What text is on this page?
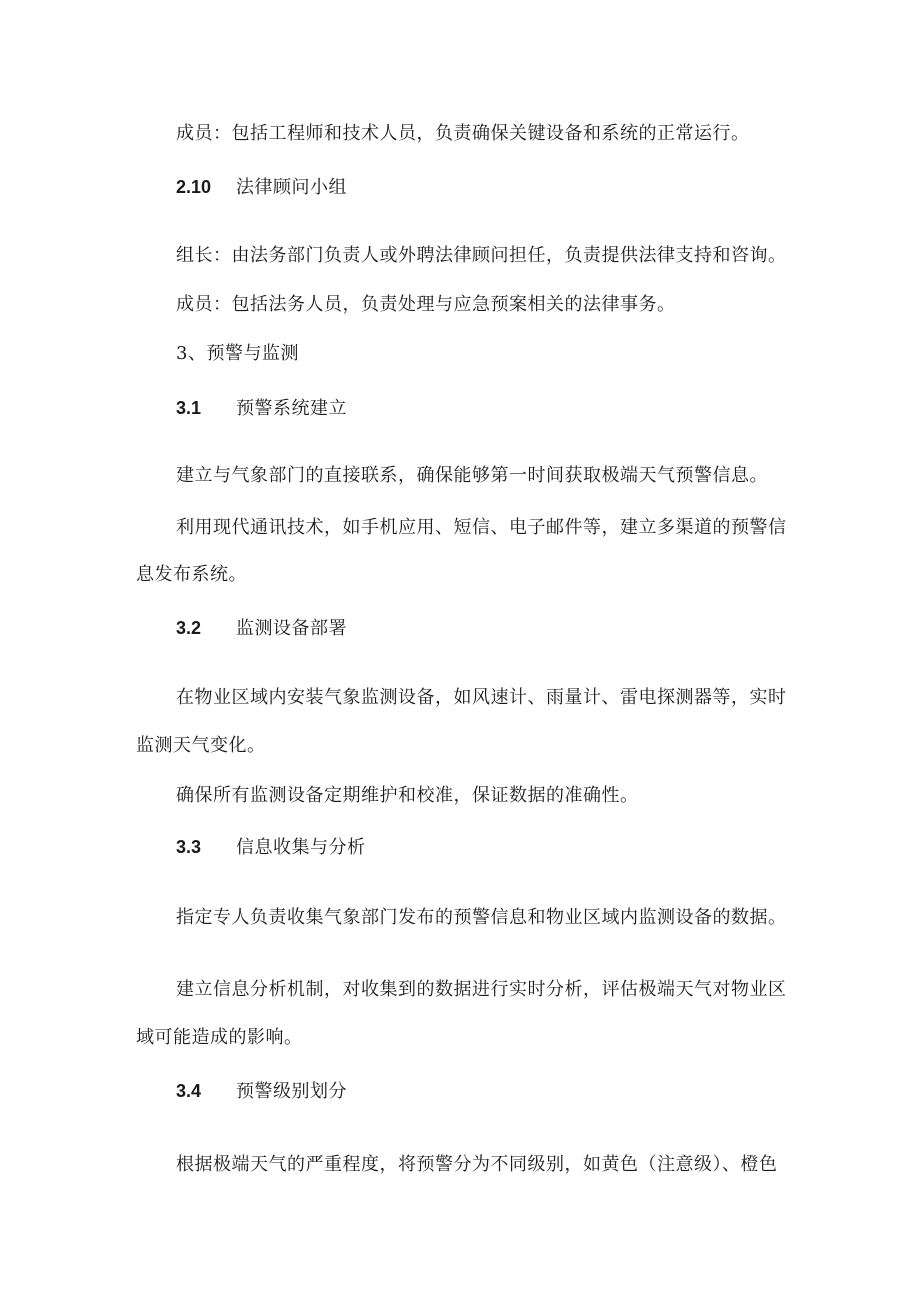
成员：包括工程师和技术人员，负责确保关键设备和系统的正常运行。
2.10 法律顾问小组
组长：由法务部门负责人或外聘法律顾问担任，负责提供法律支持和咨询。
成员：包括法务人员，负责处理与应急预案相关的法律事务。
3、预警与监测
3.1 预警系统建立
建立与气象部门的直接联系，确保能够第一时间获取极端天气预警信息。
利用现代通讯技术，如手机应用、短信、电子邮件等，建立多渠道的预警信
息发布系统。
3.2 监测设备部署
在物业区域内安装气象监测设备，如风速计、雨量计、雷电探测器等，实时
监测天气变化。
确保所有监测设备定期维护和校准，保证数据的准确性。
3.3 信息收集与分析
指定专人负责收集气象部门发布的预警信息和物业区域内监测设备的数据。
建立信息分析机制，对收集到的数据进行实时分析，评估极端天气对物业区
域可能造成的影响。
3.4 预警级别划分
根据极端天气的严重程度，将预警分为不同级别，如黄色（注意级）、橙色
